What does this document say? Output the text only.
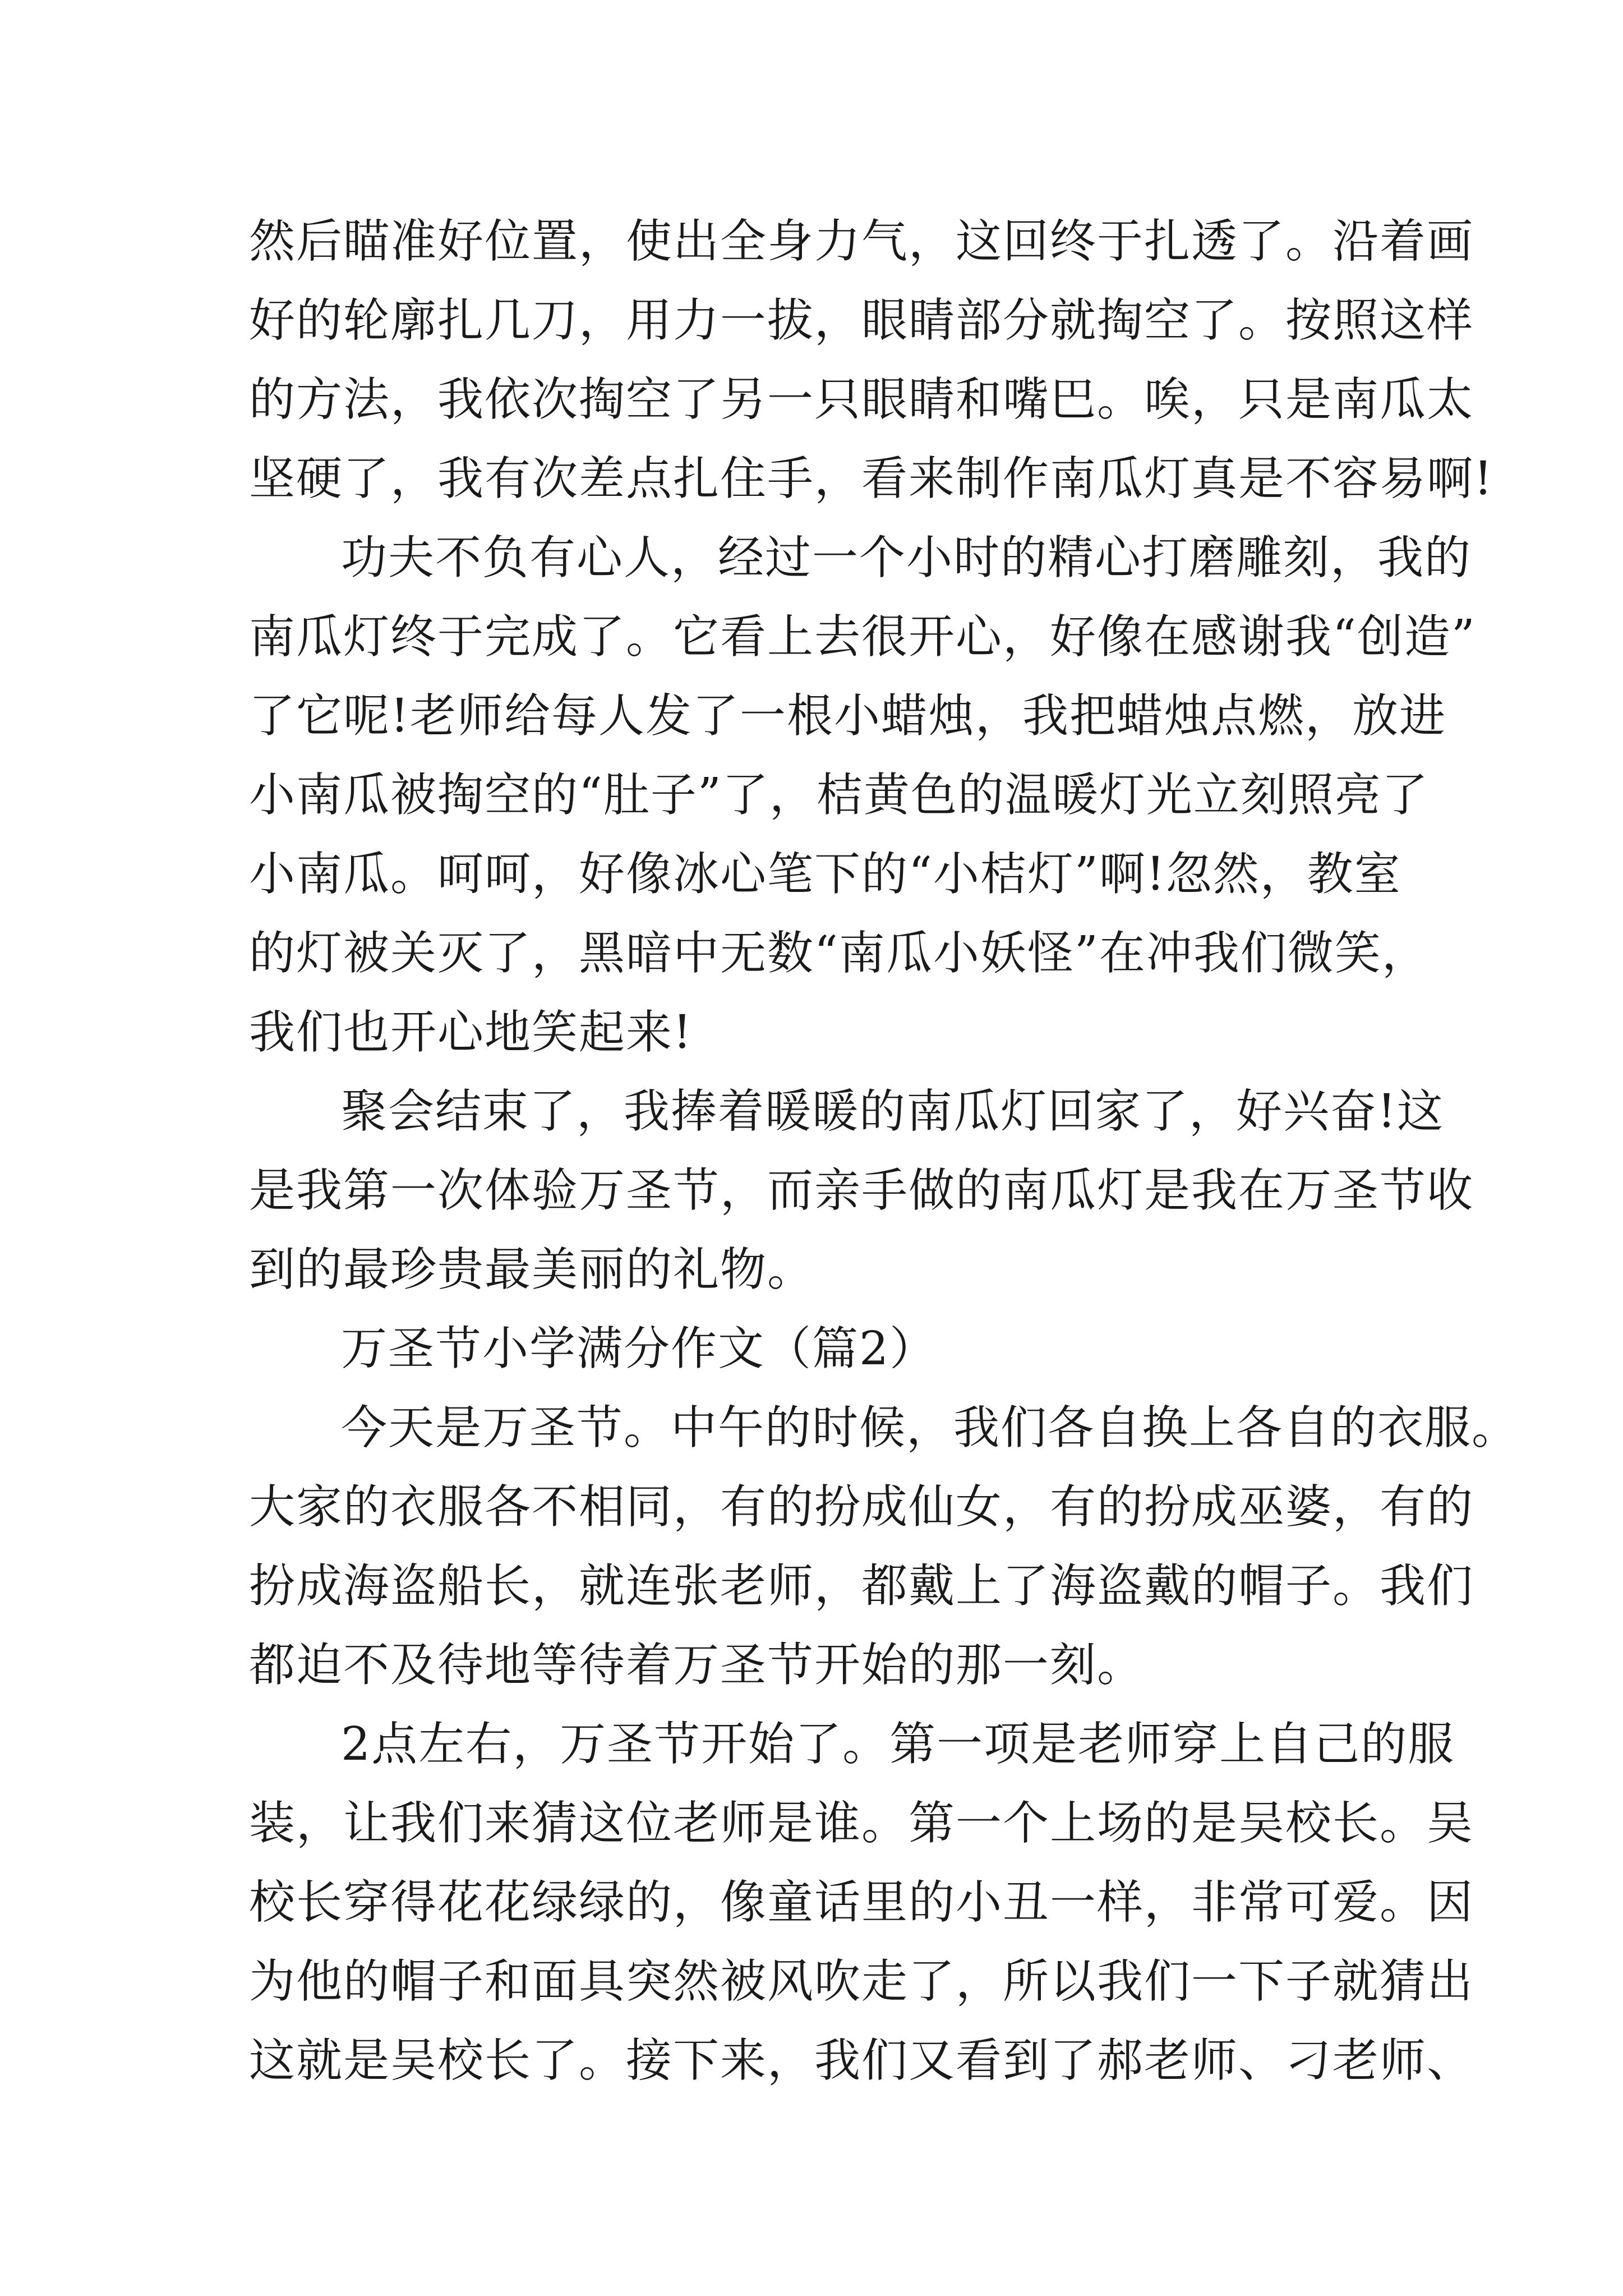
然后瞄准好位置，使出全身力气，这回终于扎透了。沿着画
好的轮廓扎几刀，用力一拔，眼睛部分就掏空了。按照这样
的方法，我依次掏空了另一只眼睛和嘴巴。唉，只是南瓜太
坚硬了，我有次差点扎住手，看来制作南瓜灯真是不容易啊!

功夫不负有心人，经过一个小时的精心打磨雕刻，我的
南瓜灯终于完成了。它看上去很开心，好像在感谢我“创造”
了它呢!老师给每人发了一根小蜡烛，我把蜡烛点燃，放进
小南瓜被掏空的“肚子”了，桔黄色的温暖灯光立刻照亮了
小南瓜。呵呵，好像冰心笔下的“小桔灯”啊!忽然，教室
的灯被关灭了，黑暗中无数“南瓜小妖怪”在冲我们微笑，
我们也开心地笑起来!

聚会结束了，我捧着暖暖的南瓜灯回家了，好兴奋!这
是我第一次体验万圣节，而亲手做的南瓜灯是我在万圣节收
到的最珍贵最美丽的礼物。

万圣节小学满分作文（篇2）

今天是万圣节。中午的时候，我们各自换上各自的衣服。
大家的衣服各不相同，有的扮成仙女，有的扮成巫婆，有的
扮成海盗船长，就连张老师，都戴上了海盗戴的帽子。我们
都迫不及待地等待着万圣节开始的那一刻。

2点左右，万圣节开始了。第一项是老师穿上自己的服
装，让我们来猜这位老师是谁。第一个上场的是吴校长。吴
校长穿得花花绿绿的，像童话里的小丑一样，非常可爱。因
为他的帽子和面具突然被风吹走了，所以我们一下子就猜出
这就是吴校长了。接下来，我们又看到了郝老师、刁老师、
